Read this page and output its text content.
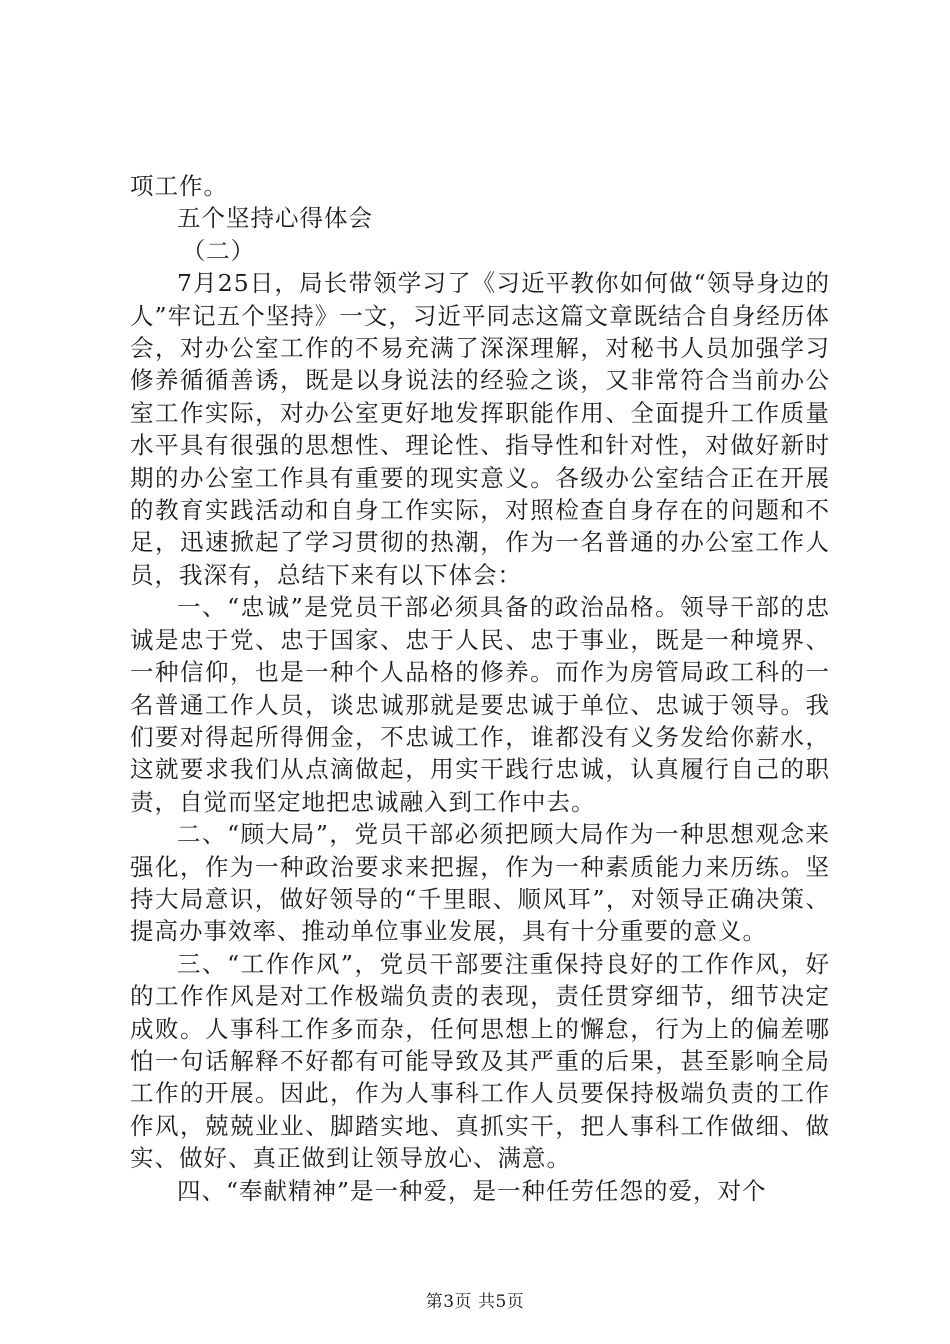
项工作。

五个坚持心得体会

（二）

7月25日，局长带领学习了《习近平教你如何做“领导身边的人”牢记五个坚持》一文，习近平同志这篇文章既结合自身经历体会，对办公室工作的不易充满了深深理解，对秘书人员加强学习修养循循善诱，既是以身说法的经验之谈，又非常符合当前办公室工作实际，对办公室更好地发挥职能作用、全面提升工作质量水平具有很强的思想性、理论性、指导性和针对性，对做好新时期的办公室工作具有重要的现实意义。各级办公室结合正在开展的教育实践活动和自身工作实际，对照检查自身存在的问题和不足，迅速掀起了学习贯彻的热潮，作为一名普通的办公室工作人员，我深有，总结下来有以下体会：

一、“忠诚”是党员干部必须具备的政治品格。领导干部的忠诚是忠于党、忠于国家、忠于人民、忠于事业，既是一种境界、一种信仰，也是一种个人品格的修养。而作为房管局政工科的一名普通工作人员，谈忠诚那就是要忠诚于单位、忠诚于领导。我们要对得起所得佣金，不忠诚工作，谁都没有义务发给你薪水，这就要求我们从点滴做起，用实干践行忠诚，认真履行自己的职责，自觉而坚定地把忠诚融入到工作中去。

二、“顾大局”，党员干部必须把顾大局作为一种思想观念来强化，作为一种政治要求来把握，作为一种素质能力来历练。坚持大局意识，做好领导的“千里眼、顺风耳”，对领导正确决策、提高办事效率、推动单位事业发展，具有十分重要的意义。

三、“工作作风”，党员干部要注重保持良好的工作作风，好的工作作风是对工作极端负责的表现，责任贯穿细节，细节决定成败。人事科工作多而杂，任何思想上的懈怠，行为上的偏差哪怕一句话解释不好都有可能导致及其严重的后果，甚至影响全局工作的开展。因此，作为人事科工作人员要保持极端负责的工作作风，兢兢业业、脚踏实地、真抓实干，把人事科工作做细、做实、做好、真正做到让领导放心、满意。

四、“奉献精神”是一种爱，是一种任劳任怨的爱，对个

第3页 共5页
